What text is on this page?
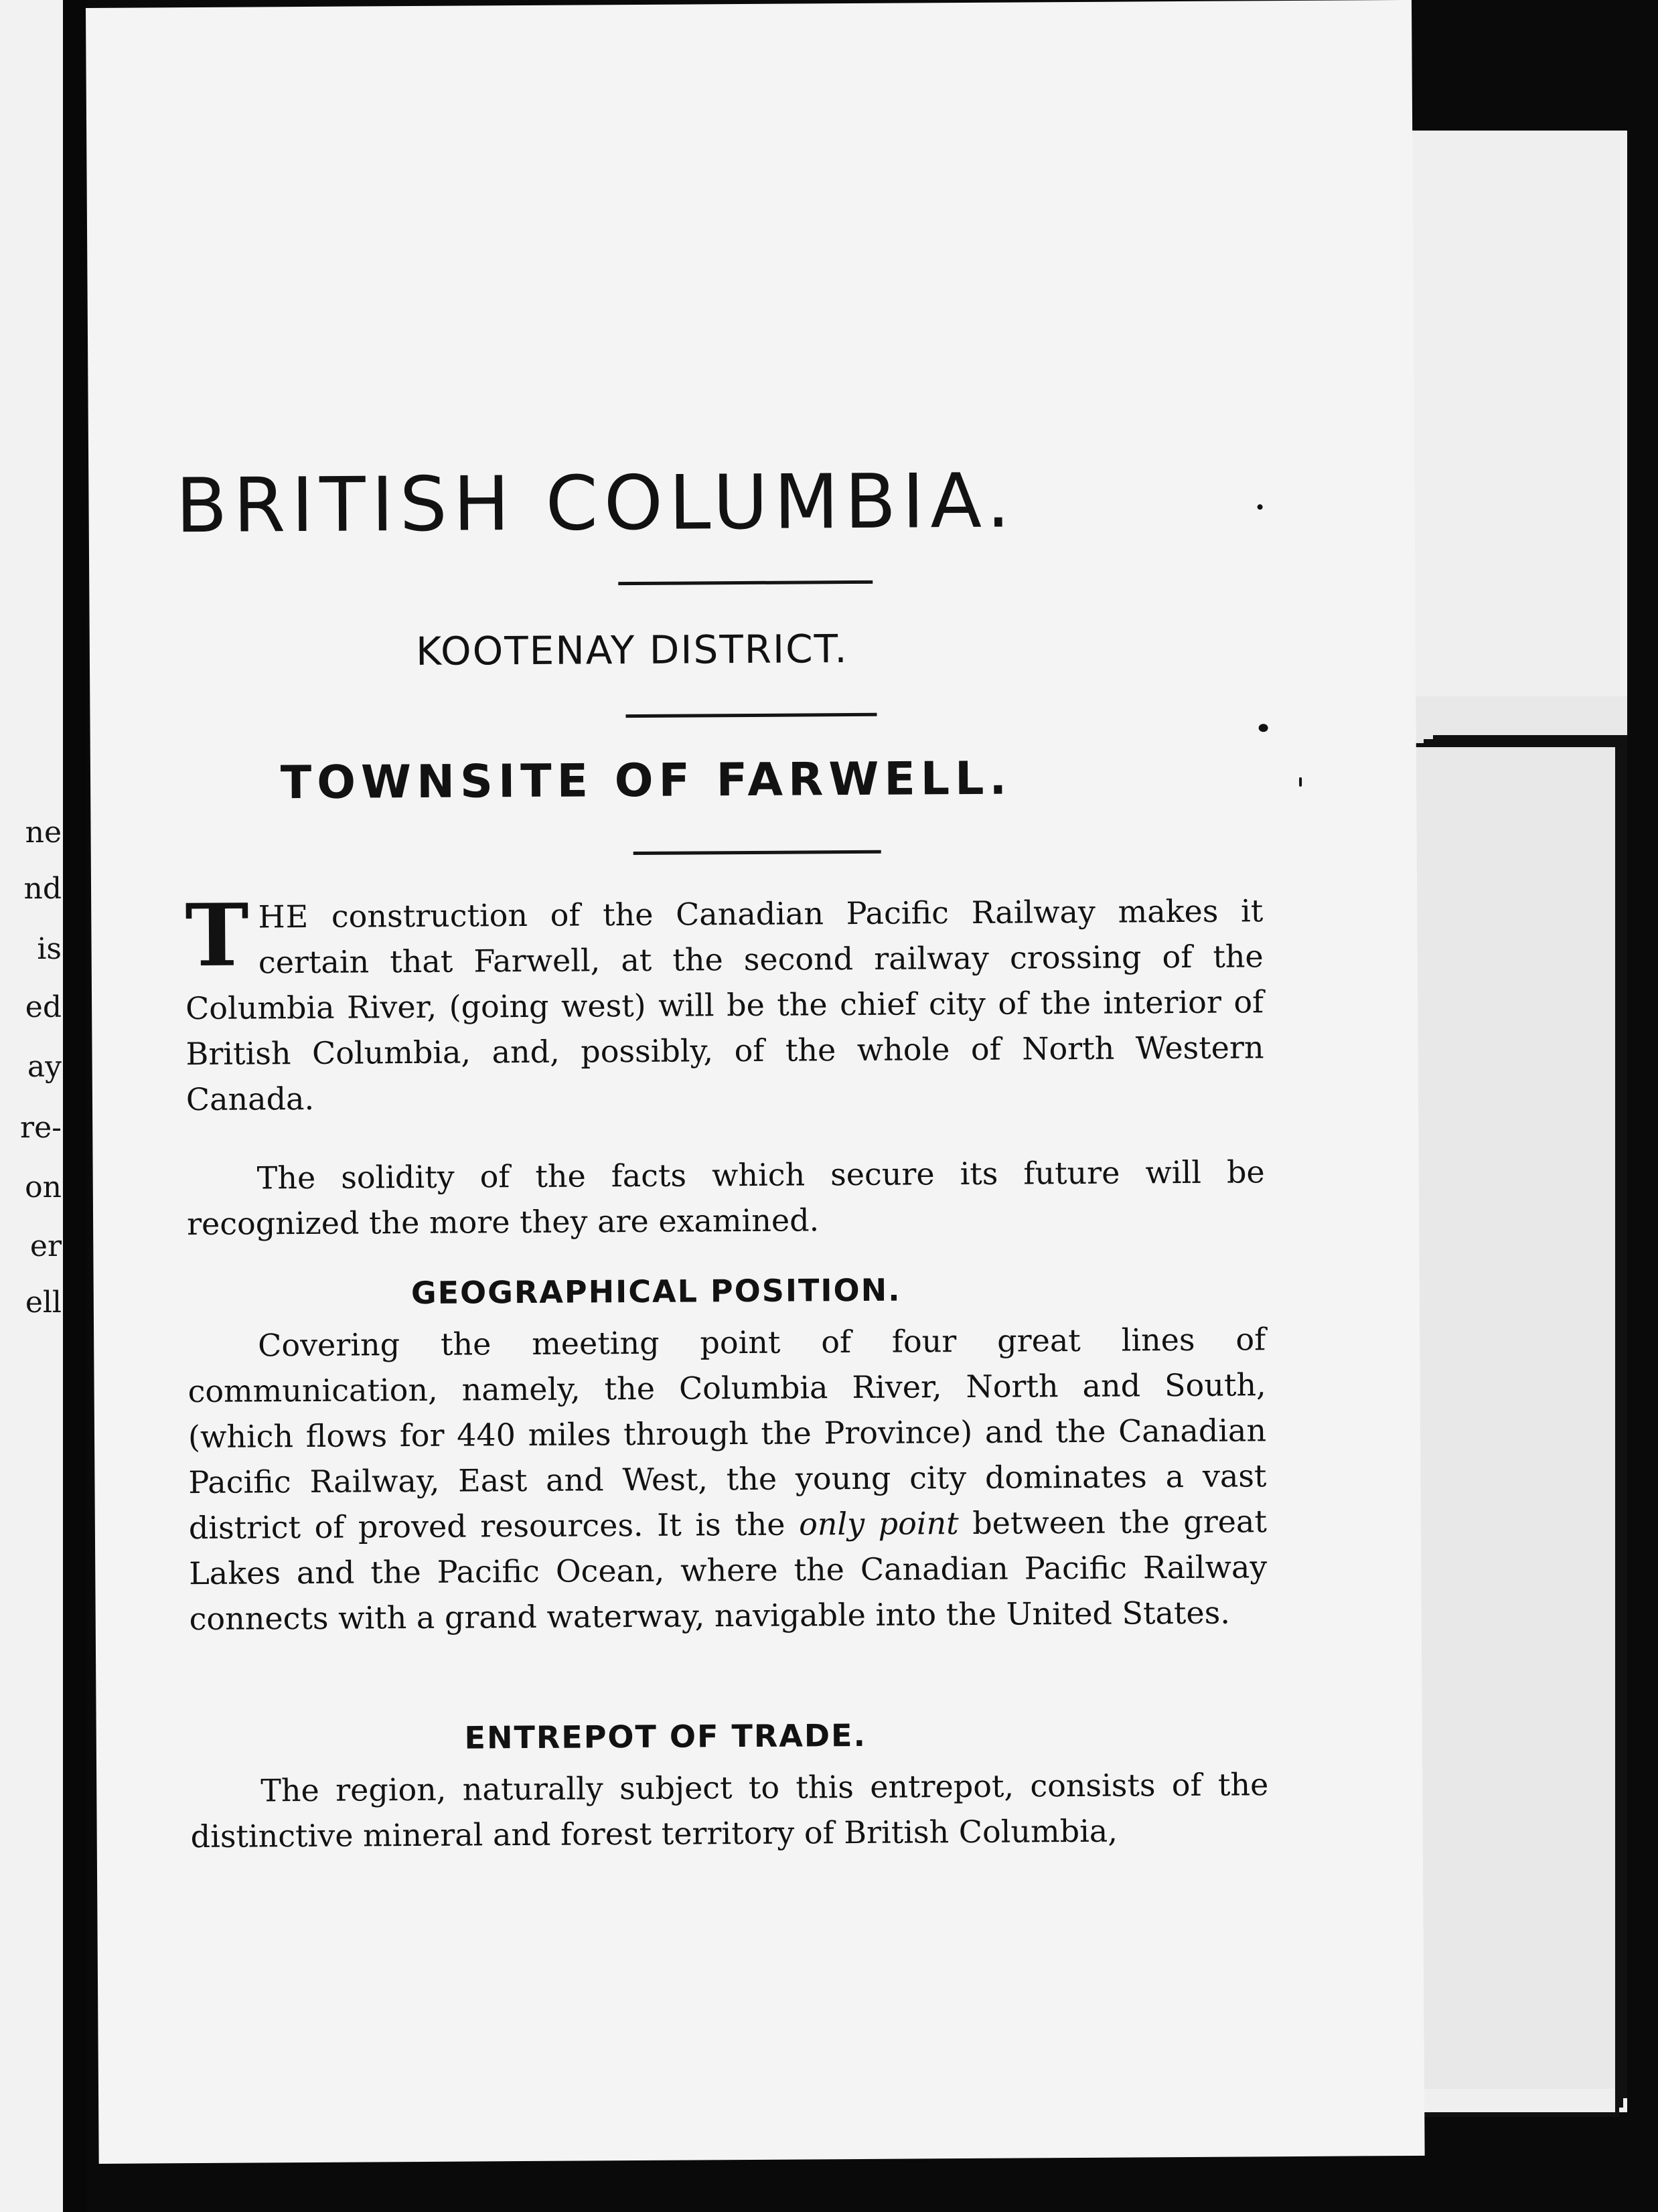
ne
nd
is
ed
ay
re-
on
er
ell
BRITISH COLUMBIA.
KOOTENAY DISTRICT.
TOWNSITE OF FARWELL.

THE construction of the Canadian Pacific Railway makes it certain that Farwell, at the second railway crossing of the Columbia River, (going west) will be the chief city of the interior of British Columbia, and, possibly, of the whole of North Western Canada.

The solidity of the facts which secure its future will be recognized the more they are examined.

GEOGRAPHICAL POSITION.

Covering the meeting point of four great lines of communication, namely, the Columbia River, North and South, (which flows for 440 miles through the Province) and the Canadian Pacific Railway, East and West, the young city dominates a vast district of proved resources. It is the only point between the great Lakes and the Pacific Ocean, where the Canadian Pacific Railway connects with a grand waterway, navigable into the United States.

ENTREPOT OF TRADE.

The region, naturally subject to this entrepot, consists of the distinctive mineral and forest territory of British Columbia,
